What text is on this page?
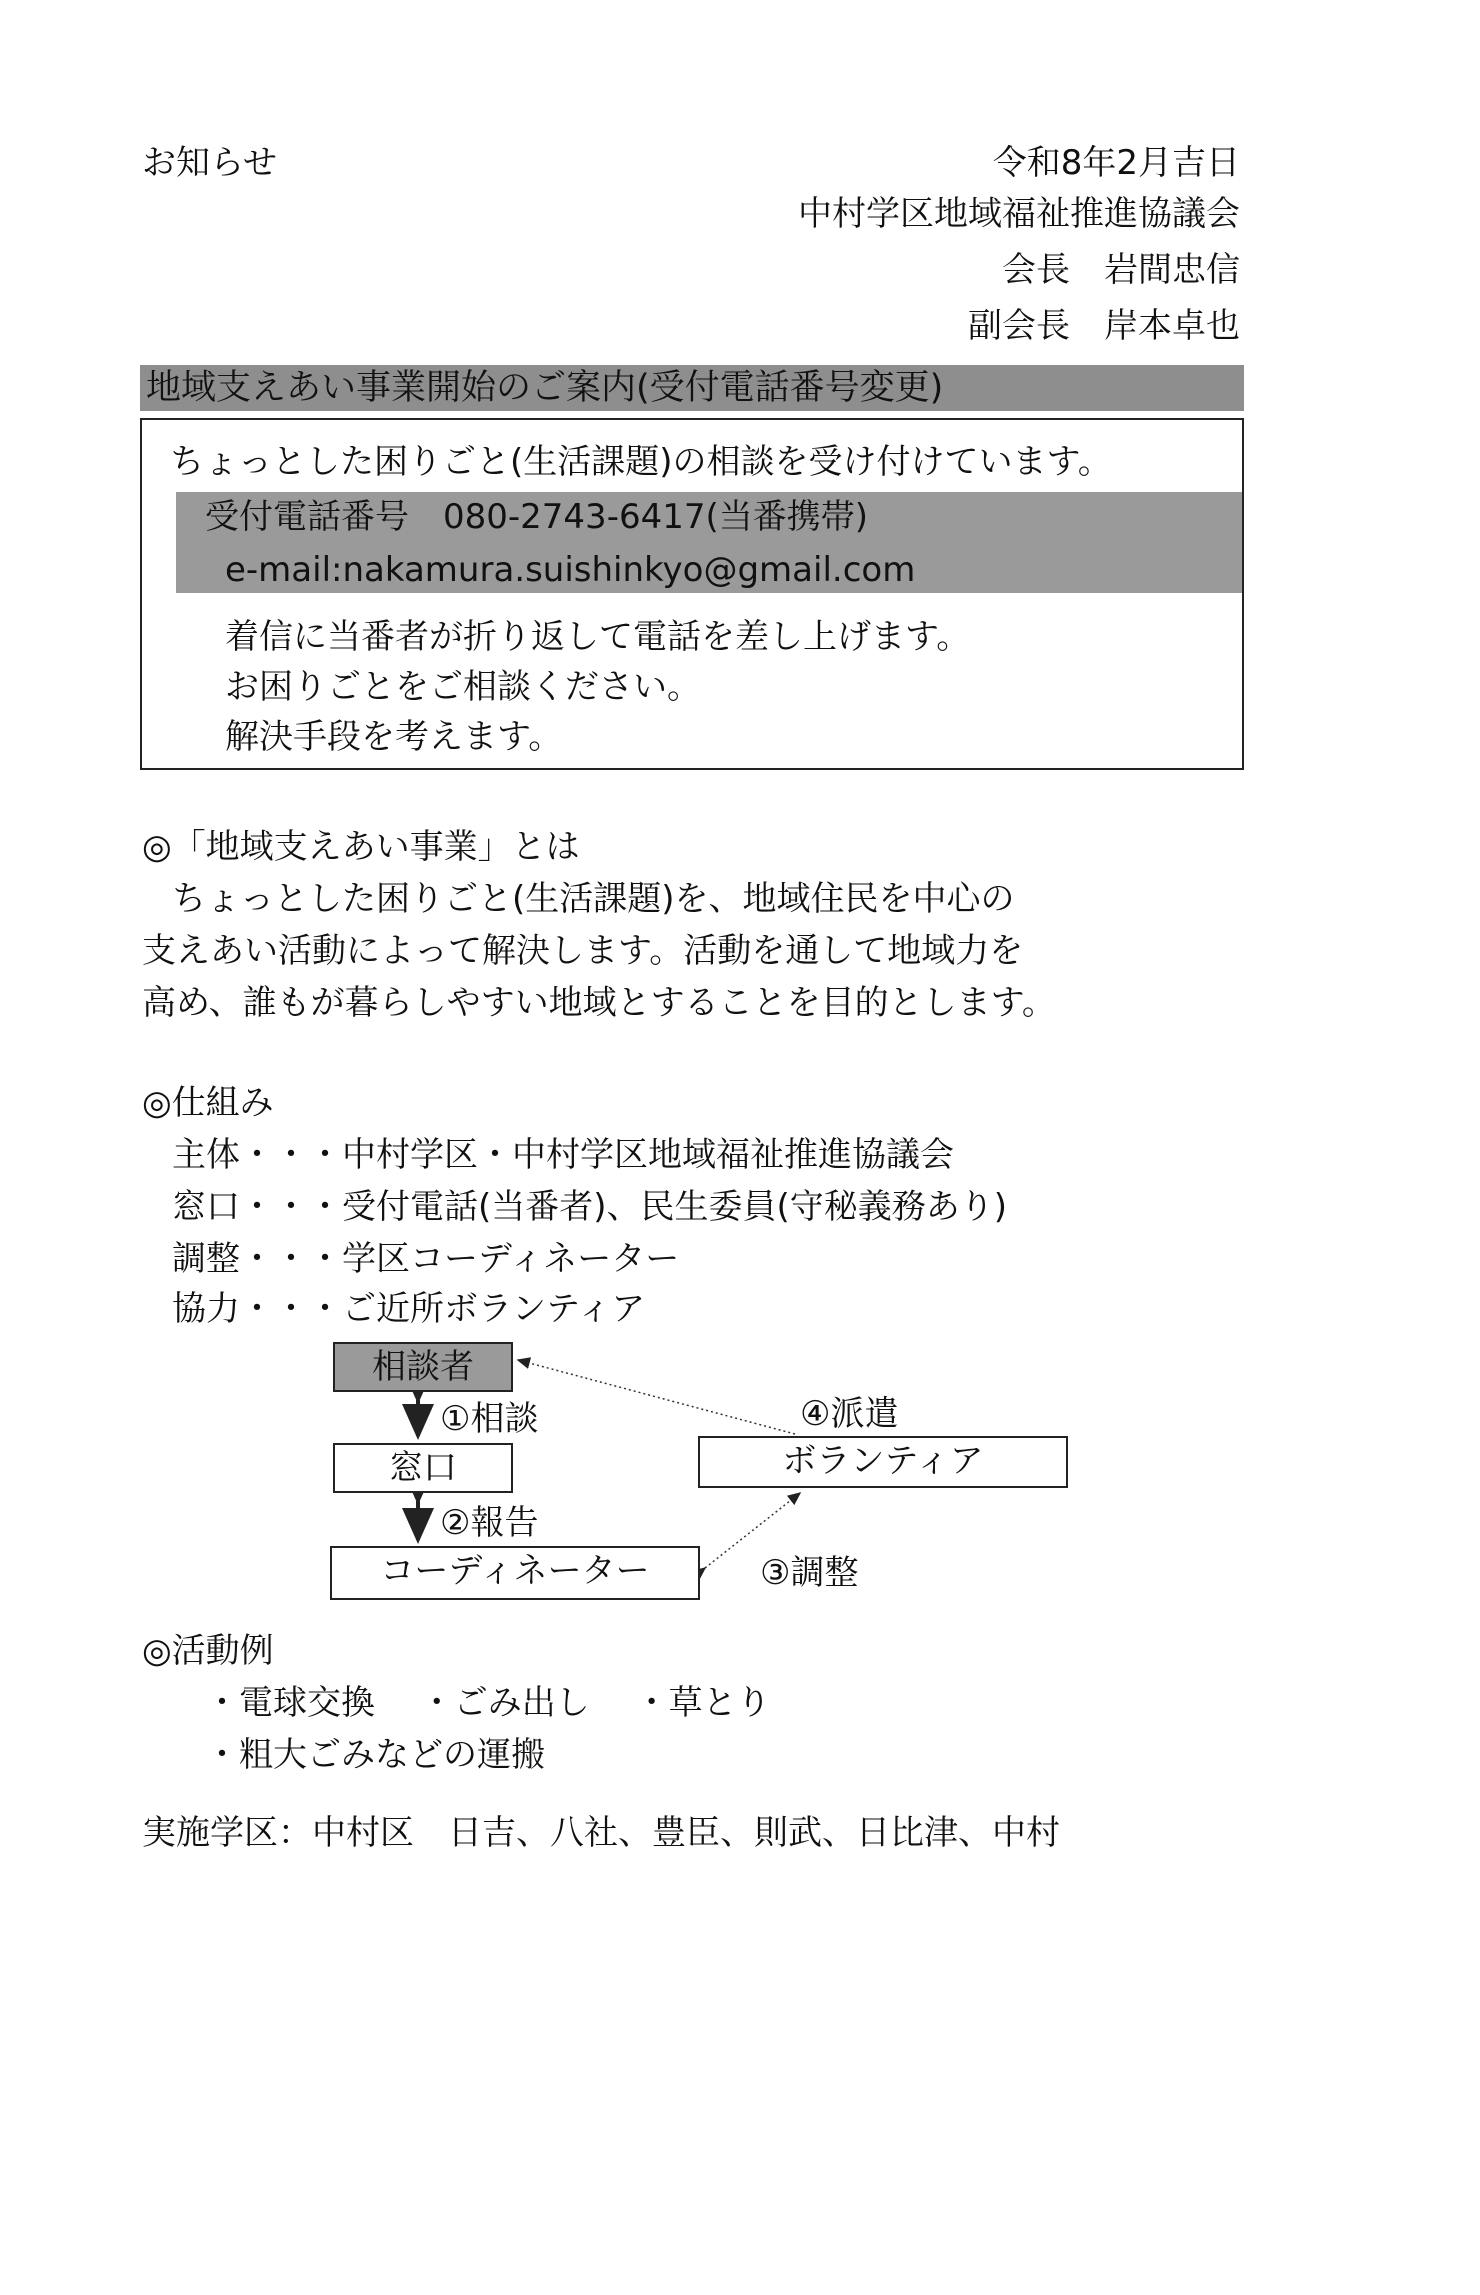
お知らせ	令和8年2月吉日
中村学区地域福祉推進協議会
会長　岩間忠信
副会長　岸本卓也
地域支えあい事業開始のご案内(受付電話番号変更)
ちょっとした困りごと(生活課題)の相談を受け付けています。
受付電話番号　080-2743-6417(当番携帯)
e-mail:nakamura.suishinkyo@gmail.com
着信に当番者が折り返して電話を差し上げます。
お困りごとをご相談ください。
解決手段を考えます。
◎「地域支えあい事業」とは
ちょっとした困りごと(生活課題)を、地域住民を中心の
支えあい活動によって解決します。活動を通して地域力を
高め、誰もが暮らしやすい地域とすることを目的とします。
◎仕組み
主体・・・中村学区・中村学区地域福祉推進協議会
窓口・・・受付電話(当番者)、民生委員(守秘義務あり)
調整・・・学区コーディネーター
協力・・・ご近所ボランティア
相談者
窓口	ボランティア
コーディネーター
①相談
②報告
④派遣
③調整
◎活動例
・電球交換　 ・ごみ出し　 ・草とり
・粗大ごみなどの運搬
実施学区：中村区　日吉、八社、豊臣、則武、日比津、中村
